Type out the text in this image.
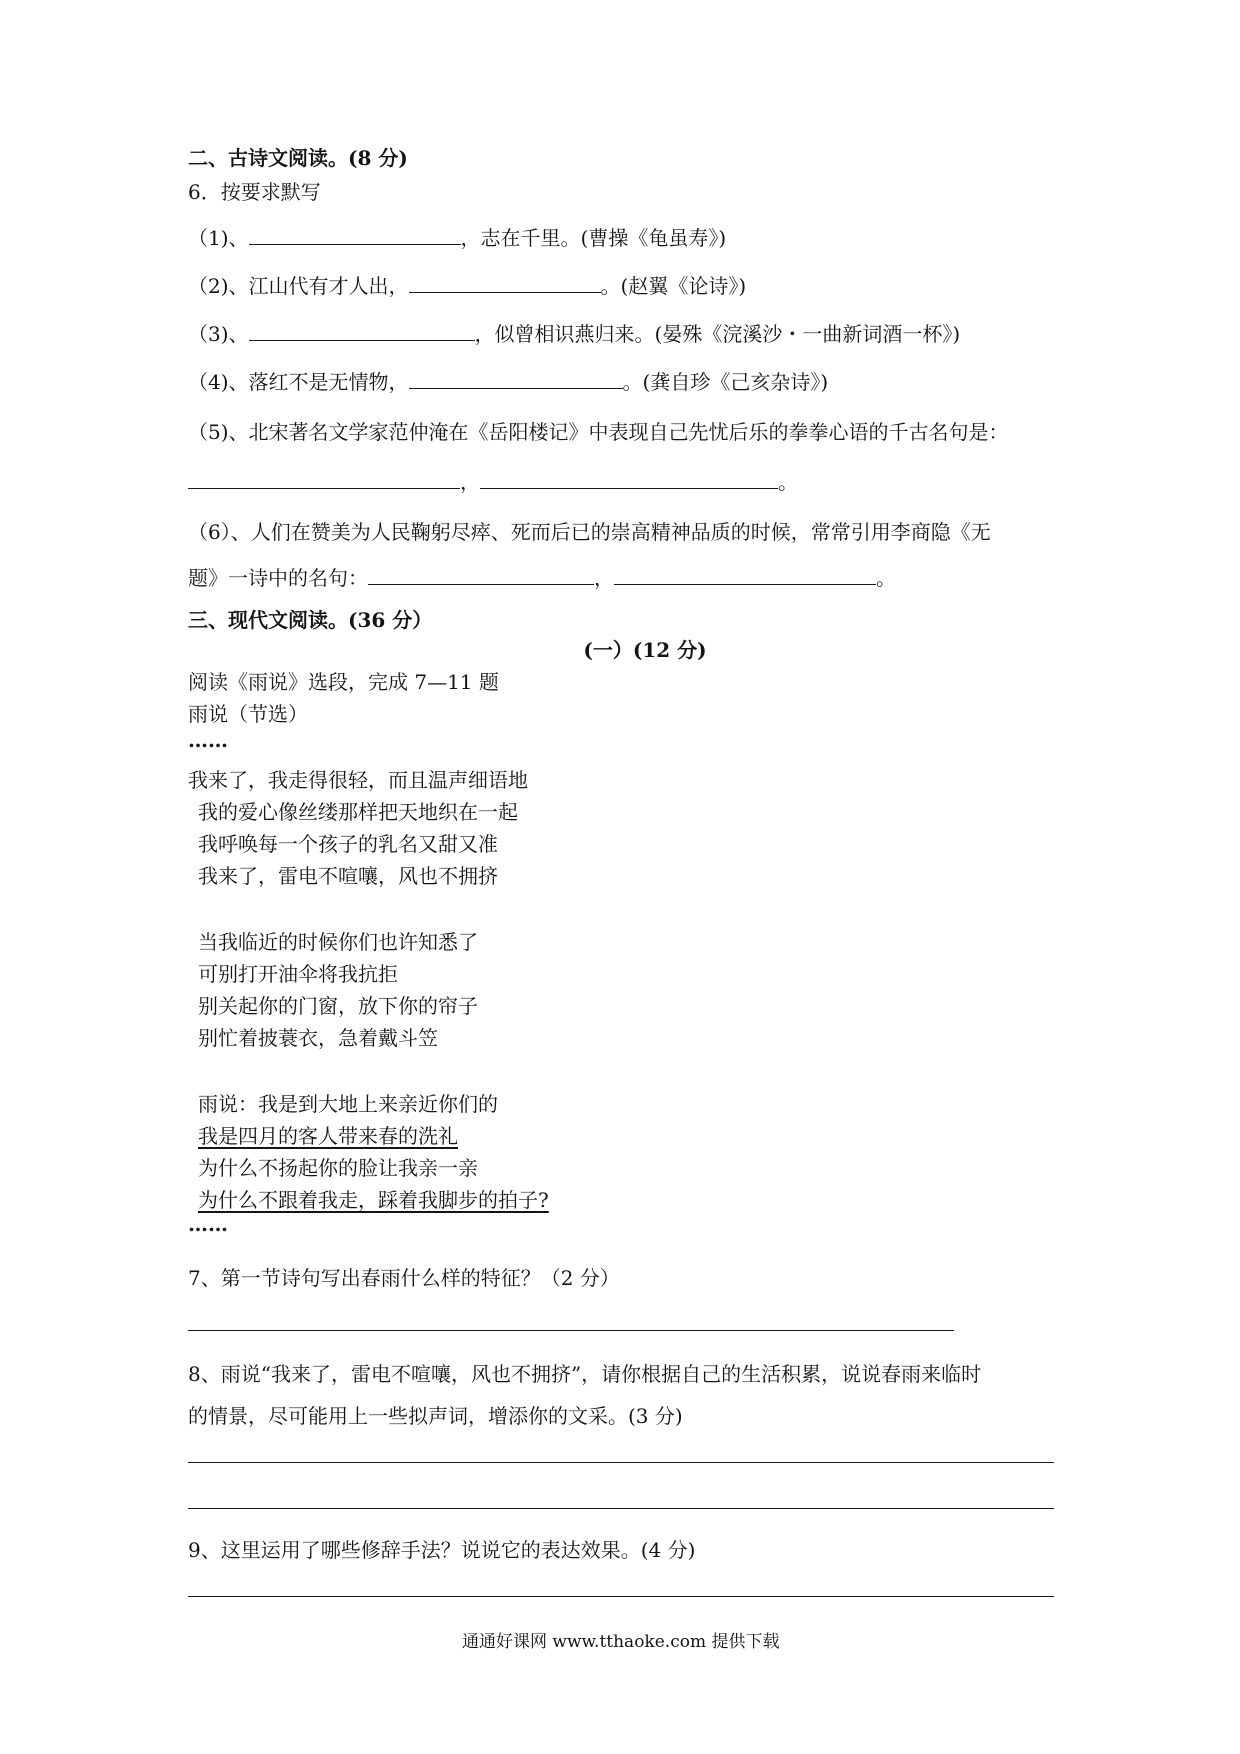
二、古诗文阅读。(8 分)
6．按要求默写
（1)、	，志在千里。(曹操《龟虽寿》)
（2)、江山代有才人出，	。(赵翼《论诗》)
（3)、	，似曾相识燕归来。(晏殊《浣溪沙・一曲新词酒一杯》)
（4)、落红不是无情物，	。(龚自珍《己亥杂诗》)
（5)、北宋著名文学家范仲淹在《岳阳楼记》中表现自己先忧后乐的拳拳心语的千古名句是：
，	。
（6）、人们在赞美为人民鞠躬尽瘁、死而后已的崇高精神品质的时候，常常引用李商隐《无
题》一诗中的名句：	，	。
三、现代文阅读。(36 分）
(一）(12 分)
阅读《雨说》选段，完成 7—11 题
雨说（节选）
……
我来了，我走得很轻，而且温声细语地
我的爱心像丝缕那样把天地织在一起
我呼唤每一个孩子的乳名又甜又准
我来了，雷电不喧嚷，风也不拥挤
当我临近的时候你们也许知悉了
可别打开油伞将我抗拒
别关起你的门窗，放下你的帘子
别忙着披蓑衣，急着戴斗笠
雨说：我是到大地上来亲近你们的
我是四月的客人带来春的洗礼
为什么不扬起你的脸让我亲一亲
为什么不跟着我走，踩着我脚步的拍子?
……
7、第一节诗句写出春雨什么样的特征？（2 分）
8、雨说“我来了，雷电不喧嚷，风也不拥挤”，请你根据自己的生活积累，说说春雨来临时
的情景，尽可能用上一些拟声词，增添你的文采。(3 分)
9、这里运用了哪些修辞手法？说说它的表达效果。(4 分)
通通好课网 www.tthaoke.com 提供下载
